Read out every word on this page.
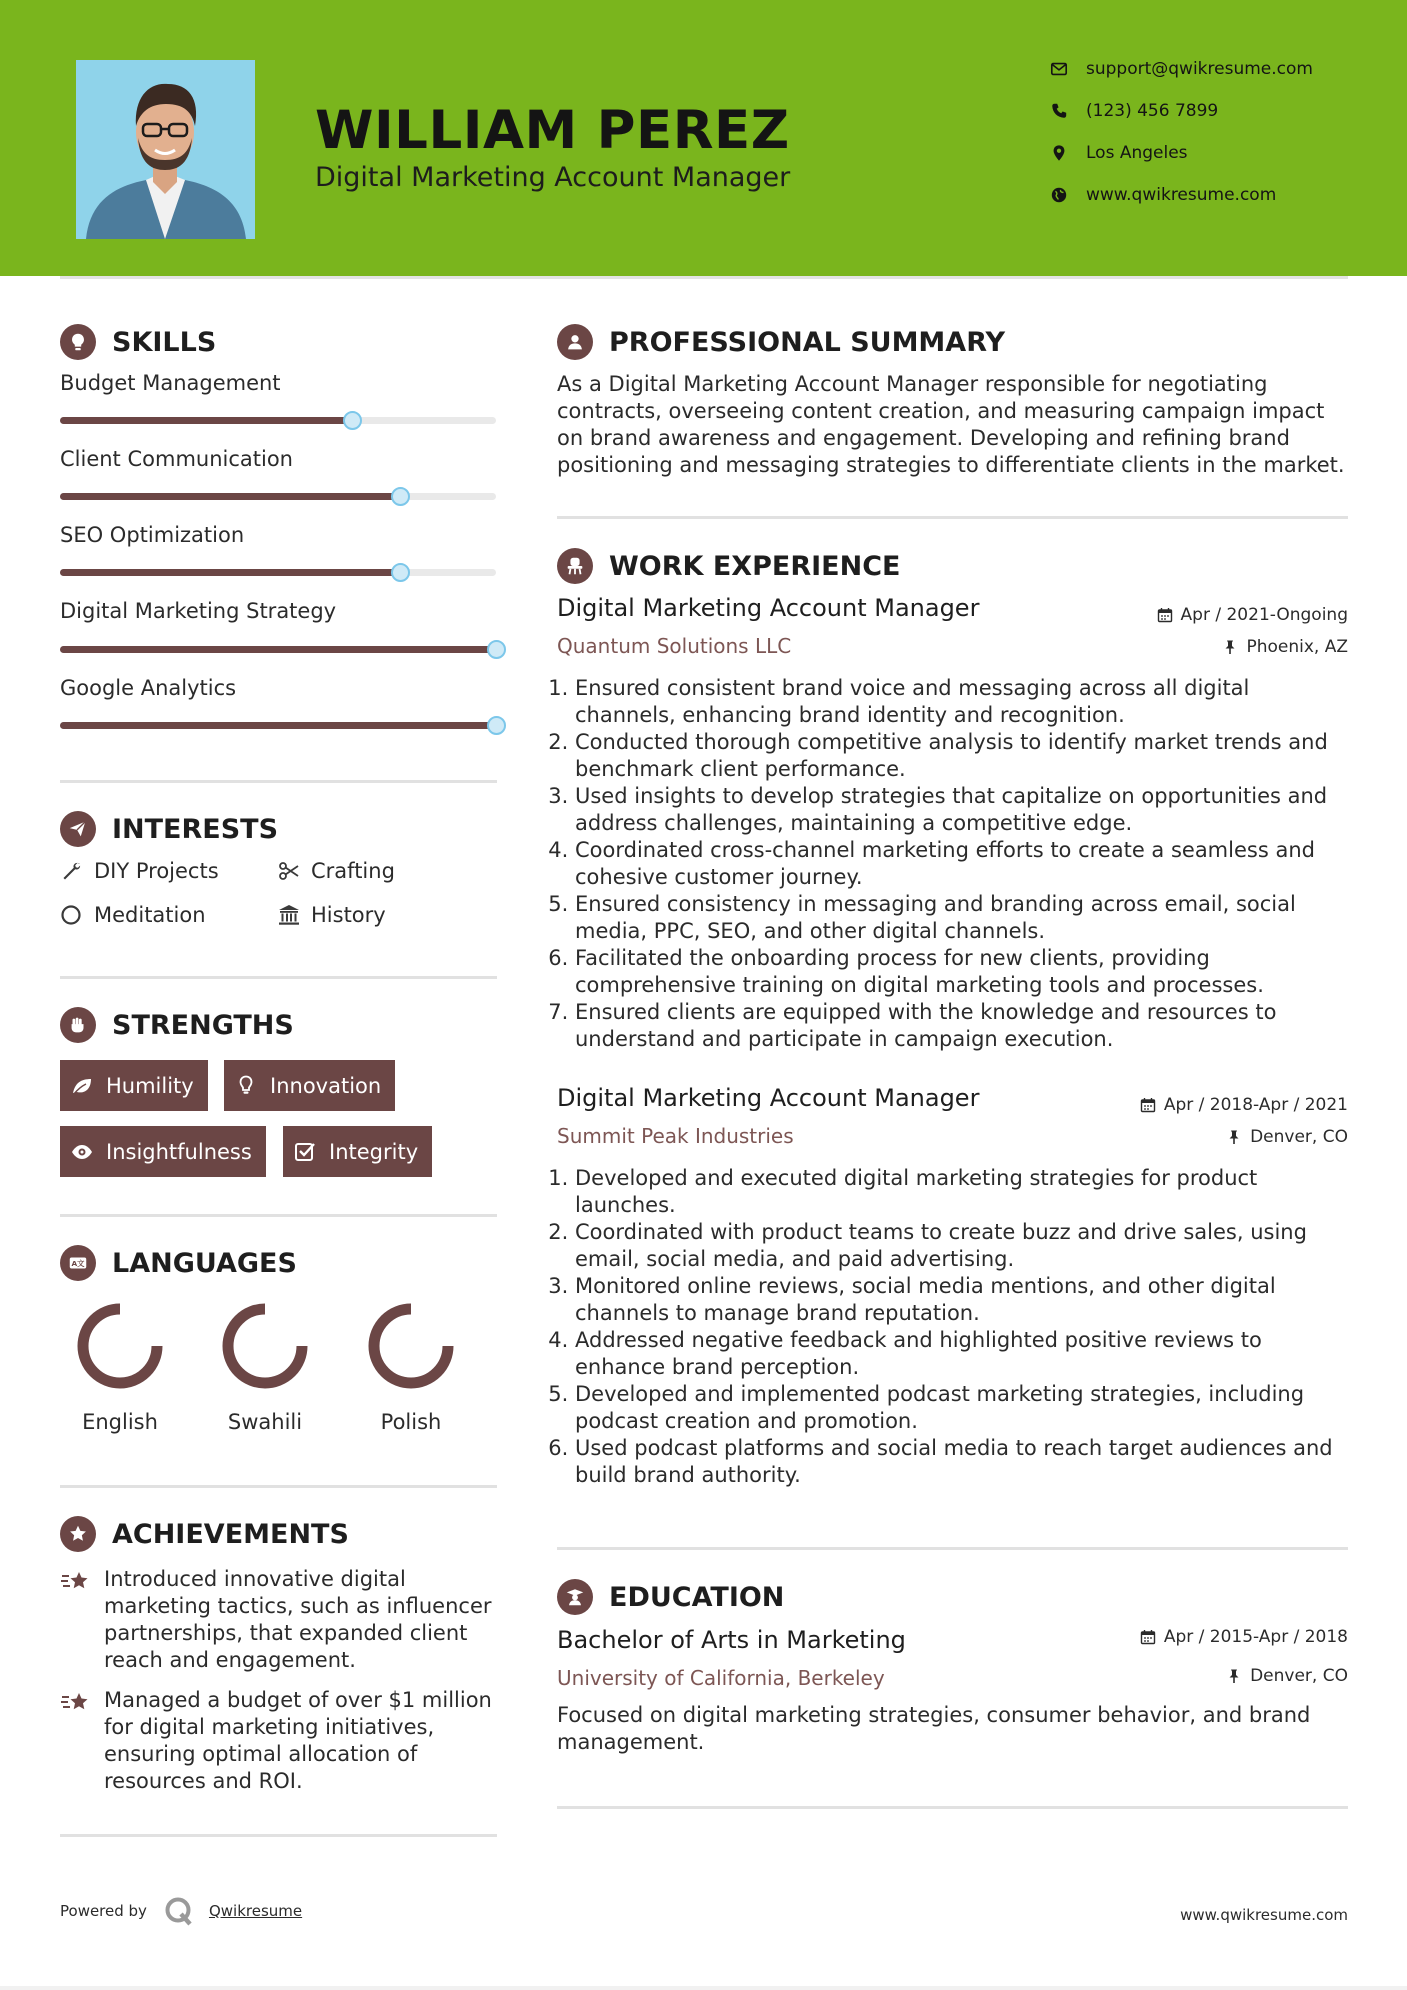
WILLIAM PEREZ
Digital Marketing Account Manager
support@qwikresume.com
(123) 456 7899
Los Angeles
www.qwikresume.com
SKILLS
Budget Management
Client Communication
SEO Optimization
Digital Marketing Strategy
Google Analytics
INTERESTS
DIY Projects	Crafting
Meditation	History
STRENGTHS
Humility	Innovation
Insightfulness	Integrity
A文 LANGUAGES
English	Swahili	Polish
ACHIEVEMENTS

Introduced innovative digital marketing tactics, such as influencer partnerships, that expanded client reach and engagement.

Managed a budget of over $1 million for digital marketing initiatives, ensuring optimal allocation of resources and ROI.

PROFESSIONAL SUMMARY
As a Digital Marketing Account Manager responsible for negotiating contracts, overseeing content creation, and measuring campaign impact on brand awareness and engagement. Developing and refining brand positioning and messaging strategies to differentiate clients in the market.
WORK EXPERIENCE
Digital Marketing Account Manager
Quantum Solutions LLC
Apr / 2021-Ongoing
Phoenix, AZ
1. Ensured consistent brand voice and messaging across all digital channels, enhancing brand identity and recognition.
2. Conducted thorough competitive analysis to identify market trends and benchmark client performance.
3. Used insights to develop strategies that capitalize on opportunities and address challenges, maintaining a competitive edge.
4. Coordinated cross-channel marketing efforts to create a seamless and cohesive customer journey.
5. Ensured consistency in messaging and branding across email, social media, PPC, SEO, and other digital channels.
6. Facilitated the onboarding process for new clients, providing comprehensive training on digital marketing tools and processes.
7. Ensured clients are equipped with the knowledge and resources to understand and participate in campaign execution.
Digital Marketing Account Manager
Summit Peak Industries
Apr / 2018-Apr / 2021
Denver, CO
1. Developed and executed digital marketing strategies for product launches.
2. Coordinated with product teams to create buzz and drive sales, using email, social media, and paid advertising.
3. Monitored online reviews, social media mentions, and other digital channels to manage brand reputation.
4. Addressed negative feedback and highlighted positive reviews to enhance brand perception.
5. Developed and implemented podcast marketing strategies, including podcast creation and promotion.
6. Used podcast platforms and social media to reach target audiences and build brand authority.
EDUCATION
Bachelor of Arts in Marketing
University of California, Berkeley
Apr / 2015-Apr / 2018
Denver, CO
Focused on digital marketing strategies, consumer behavior, and brand management.
Powered by	Qwikresume	www.qwikresume.com
